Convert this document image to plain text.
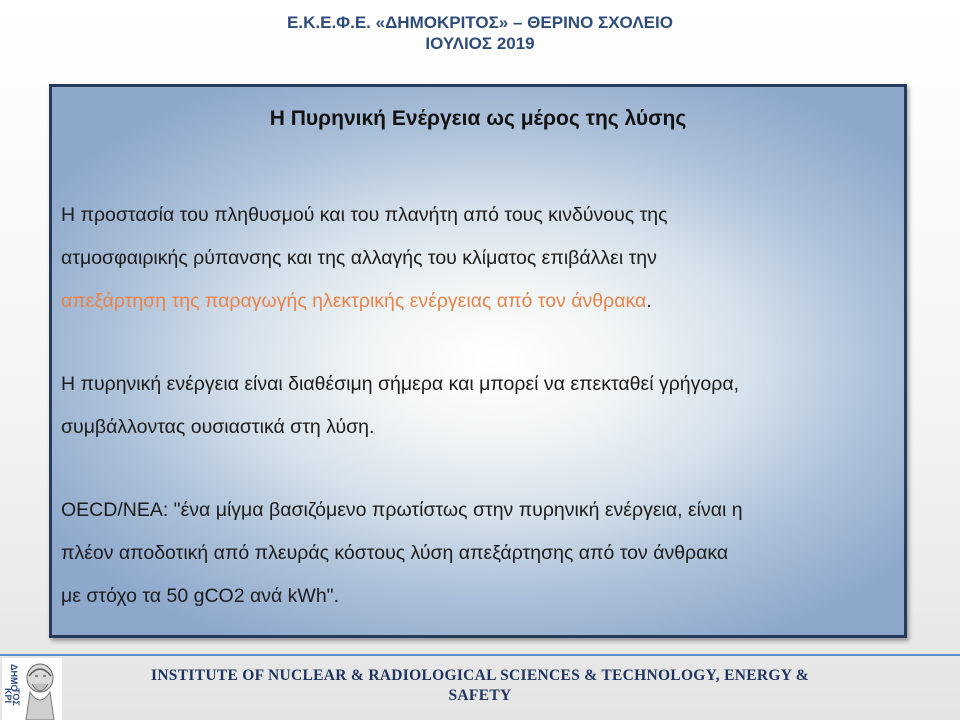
Ε.Κ.Ε.Φ.Ε. «ΔΗΜΟΚΡΙΤΟΣ» – ΘΕΡΙΝΟ ΣΧΟΛΕΙΟ
ΙΟΥΛΙΟΣ 2019
Η Πυρηνική Ενέργεια ως μέρος της λύσης
Η προστασία του πληθυσμού και του πλανήτη από τους κινδύνους της
ατμοσφαιρικής ρύπανσης και της αλλαγής του κλίματος επιβάλλει την
απεξάρτηση της παραγωγής ηλεκτρικής ενέργειας από τον άνθρακα.
Η πυρηνική ενέργεια είναι διαθέσιμη σήμερα και μπορεί να επεκταθεί γρήγορα,
συμβάλλοντας ουσιαστικά στη λύση.
OECD/NEA: "ένα μίγμα βασιζόμενο πρωτίστως στην πυρηνική ενέργεια, είναι η
πλέον αποδοτική από πλευράς κόστους λύση απεξάρτησης από τον άνθρακα
με στόχο τα 50 gCO2 ανά kWh".
ΔΗΜΟ
ΚΡΙ
ΤΟΣ
INSTITUTE OF NUCLEAR & RADIOLOGICAL SCIENCES & TECHNOLOGY, ENERGY &
SAFETY
